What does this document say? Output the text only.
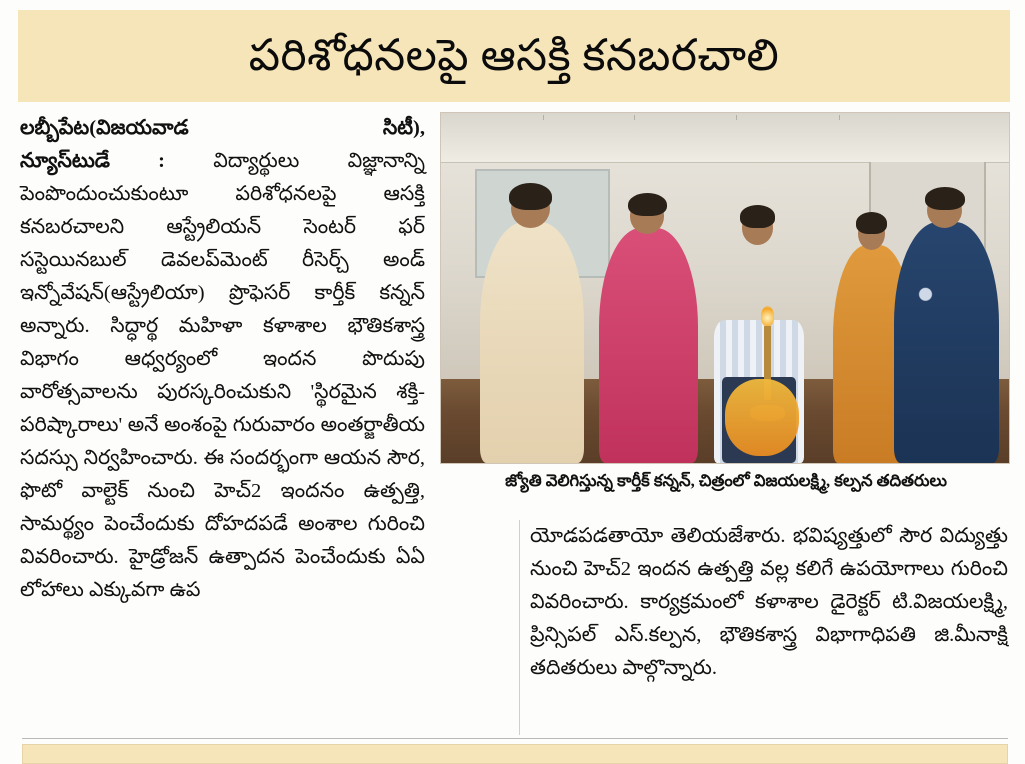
పరిశోధనలపై ఆసక్తి కనబరచాలి

లబ్బీపేట(విజయవాడ సిటీ),
న్యూస్‌టుడే : విద్యార్థులు విజ్ఞానాన్ని పెంపొందుంచుకుంటూ పరిశోధనలపై ఆసక్తి కనబరచాలని ఆస్ట్రేలియన్‌ సెంటర్‌ ఫర్‌ సస్టెయినబుల్‌ డెవలప్‌మెంట్‌ రీసెర్చ్‌ అండ్‌ ఇన్నోవేషన్‌(ఆస్ట్రేలియా) ప్రొఫెసర్‌ కార్తీక్‌ కన్నన్‌ అన్నారు. సిద్ధార్థ మహిళా కళాశాల భౌతికశాస్త్ర విభాగం ఆధ్వర్యంలో ఇందన పొదుపు వారోత్సవాలను పురస్కరించుకుని 'స్థిరమైన శక్తి-పరిష్కారాలు' అనే అంశంపై గురువారం అంతర్జాతీయ సదస్సు నిర్వహించారు. ఈ సందర్భంగా ఆయన సౌర, ఫొటో వాల్టెక్‌ నుంచి హెచ్‌2 ఇందనం ఉత్పత్తి, సామర్థ్యం పెంచేందుకు దోహదపడే అంశాల గురించి వివరించారు. హైడ్రోజన్‌ ఉత్పాదన పెంచేందుకు ఏఏ లోహాలు ఎక్కువగా ఉప

జ్యోతి వెలిగిస్తున్న కార్తీక్‌ కన్నన్‌, చిత్రంలో విజయలక్ష్మి, కల్పన తదితరులు

యోడపడతాయో తెలియజేశారు. భవిష్యత్తులో సౌర విద్యుత్తు నుంచి హెచ్‌2 ఇందన ఉత్పత్తి వల్ల కలిగే ఉపయోగాలు గురించి వివరించారు. కార్యక్రమంలో కళాశాల డైరెక్టర్‌ టి.విజయలక్ష్మి, ప్రిన్సిపల్‌ ఎస్‌.కల్పన, భౌతికశాస్త్ర విభాగాధిపతి జి.మీనాక్షి తదితరులు పాల్గొన్నారు.
